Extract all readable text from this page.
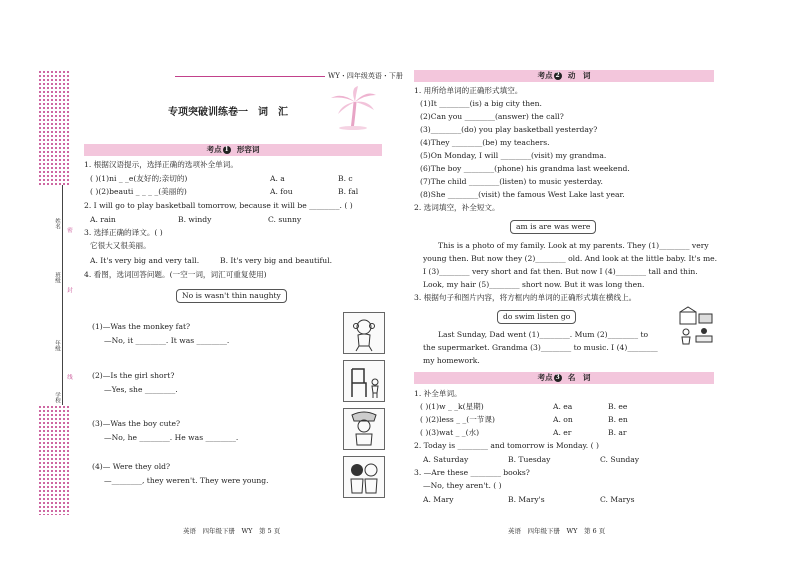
姓名
班级
年级
学校
密
封
线
WY・四年级英语・下册
专项突破训练卷一　词　汇
考点 1 形容词
1. 根据汉语提示，选择正确的选项补全单词。
( )(1)ni _ _e(友好的;亲切的)	A. a	B. c
( )(2)beauti _ _ _ _(美丽的)	A. fou	B. fal
2. I will go to play basketball tomorrow, because it will be ________. ( )
A. rain	B. windy	C. sunny
3. 选择正确的译文。( )
它很大又很美丽。
A. It's very big and very tall.	B. It's very big and beautiful.
4. 看图，选词回答问题。(一空一词，词汇可重复使用)
No is wasn't thin naughty
(1)—Was the monkey fat?
—No, it ________. It was ________.
(2)—Is the girl short?
—Yes, she ________.
(3)—Was the boy cute?
—No, he ________. He was ________.
(4)— Were they old?
—________, they weren't. They were young.
英语　四年级下册　WY　第 5 页
考点 2 动　词
1. 用所给单词的正确形式填空。
(1)It ________(is) a big city then.
(2)Can you ________(answer) the call?
(3)________(do) you play basketball yesterday?
(4)They ________(be) my teachers.
(5)On Monday, I will ________(visit) my grandma.
(6)The boy ________(phone) his grandma last weekend.
(7)The child ________(listen) to music yesterday.
(8)She ________(visit) the famous West Lake last year.
2. 选词填空，补全短文。
am is are was were
This is a photo of my family. Look at my parents. They (1)________ very
young then. But now they (2)________ old. And look at the little baby. It's me.
I (3)________ very short and fat then. But now I (4)________ tall and thin.
Look, my hair (5)________ short now. But it was long then.
3. 根据句子和图片内容，将方框内的单词的正确形式填在横线上。
do swim listen go
Last Sunday, Dad went (1)________. Mum (2)________ to
the supermarket. Grandma (3)________ to music. I (4)________
my homework.
考点 3 名　词
1. 补全单词。
( )(1)w _ _k(星期)	A. ea	B. ee
( )(2)less _ _(一节课)	A. on	B. en
( )(3)wat _ _(水)	A. er	B. ar
2. Today is ________ and tomorrow is Monday. ( )
A. Saturday	B. Tuesday	C. Sunday
3. —Are these ________ books?
—No, they aren't. ( )
A. Mary	B. Mary's	C. Marys
英语　四年级下册　WY　第 6 页
